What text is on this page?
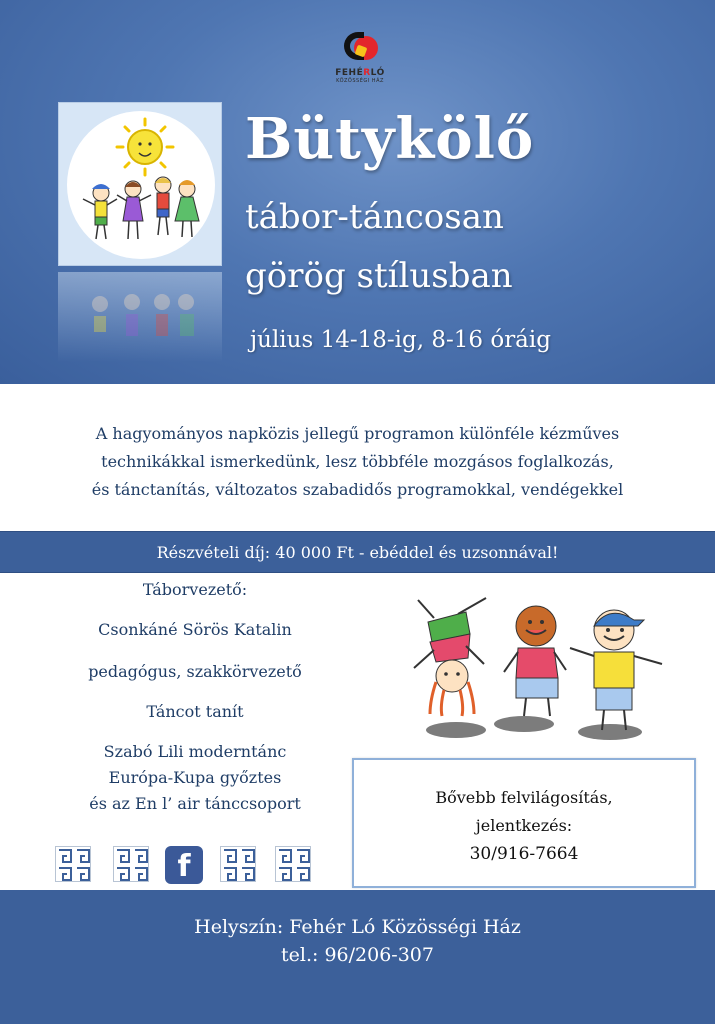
FEHÉRLÓ
KÖZÖSSÉGI HÁZ
Bütykölő
tábor-táncosan
görög stílusban
július 14-18-ig, 8-16 óráig
A hagyományos napközis jellegű programon különféle kézműves
technikákkal ismerkedünk, lesz többféle mozgásos foglalkozás,
és tánctanítás, változatos szabadidős programokkal, vendégekkel
Részvételi díj: 40 000 Ft - ebéddel és uzsonnával!
Táborvezető:
Csonkáné Sörös Katalin
pedagógus, szakkörvezető
Táncot tanít
Szabó Lili moderntánc
Európa-Kupa győztes
és az En l’ air tánccsoport
f
Bővebb felvilágosítás,
jelentkezés:
30/916-7664
Helyszín: Fehér Ló Közösségi Ház
tel.: 96/206-307
